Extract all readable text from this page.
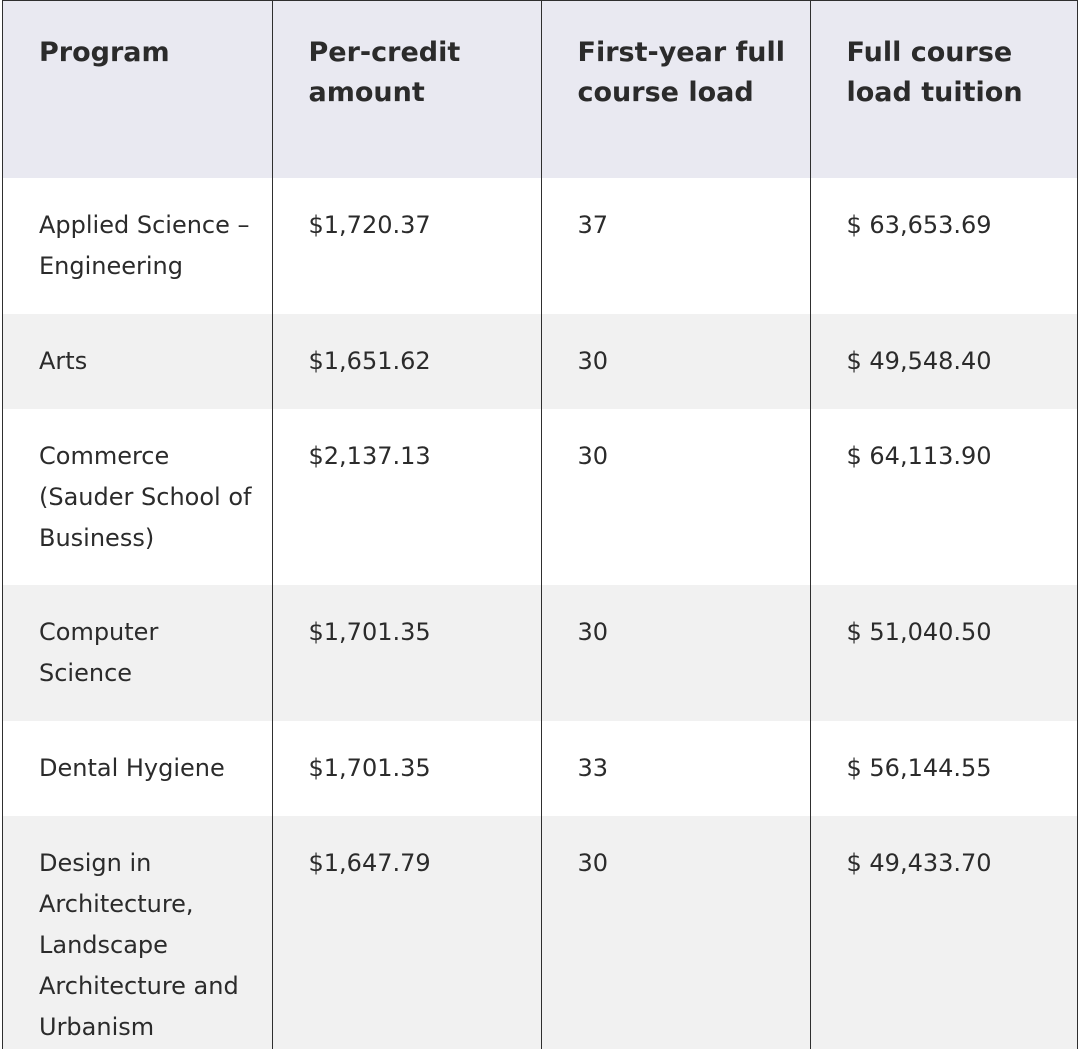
Program	Per-credit amount	First-year full course load	Full course load tuition
Applied Science – Engineering	$1,720.37	37	$ 63,653.69
Arts	$1,651.62	30	$ 49,548.40
Commerce (Sauder School of Business)	$2,137.13	30	$ 64,113.90
Computer Science	$1,701.35	30	$ 51,040.50
Dental Hygiene	$1,701.35	33	$ 56,144.55
Design in Architecture, Landscape Architecture and Urbanism	$1,647.79	30	$ 49,433.70
